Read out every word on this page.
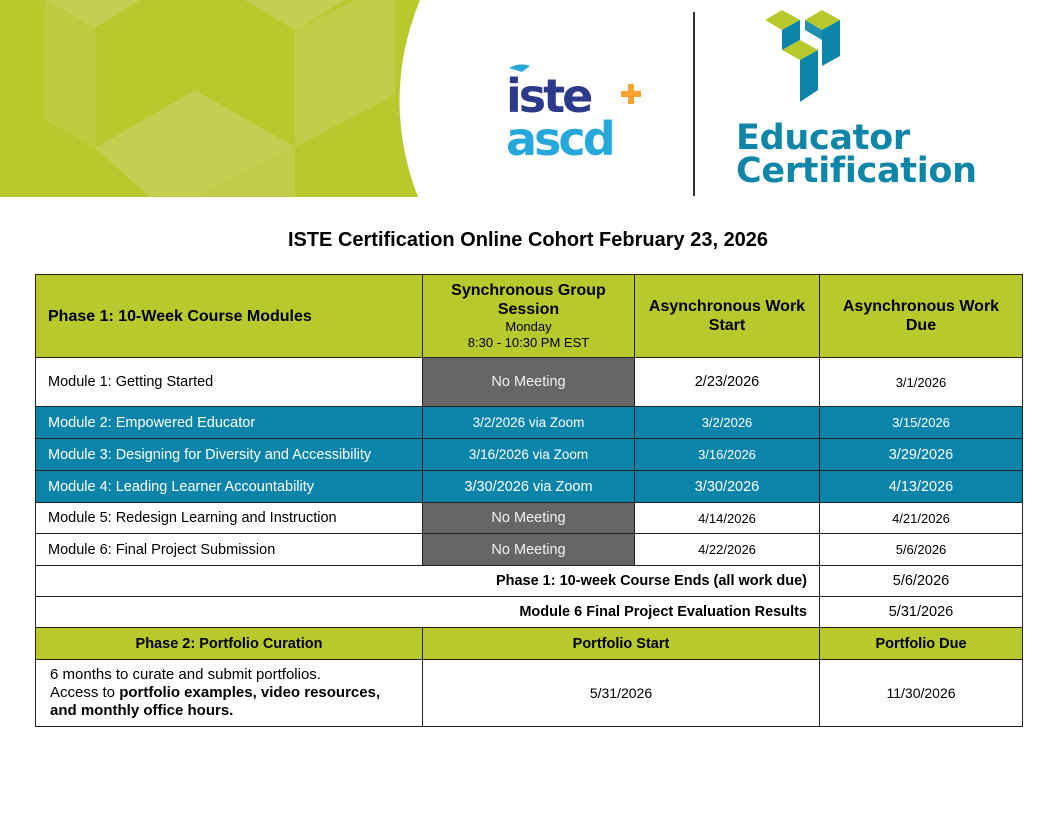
iste
ascd	Educator
Certification
ISTE Certification Online Cohort February 23, 2026
Phase 1: 10-Week Course Modules	Synchronous Group Session
Monday
8:30 - 10:30 PM EST	Asynchronous Work Start	Asynchronous Work Due
Module 1: Getting Started	No Meeting	2/23/2026	3/1/2026
Module 2: Empowered Educator	3/2/2026 via Zoom	3/2/2026	3/15/2026
Module 3: Designing for Diversity and Accessibility	3/16/2026 via Zoom	3/16/2026	3/29/2026
Module 4: Leading Learner Accountability	3/30/2026 via Zoom	3/30/2026	4/13/2026
Module 5: Redesign Learning and Instruction	No Meeting	4/14/2026	4/21/2026
Module 6: Final Project Submission	No Meeting	4/22/2026	5/6/2026
Phase 1: 10-week Course Ends (all work due)			5/6/2026
Module 6 Final Project Evaluation Results			5/31/2026
Phase 2: Portfolio Curation	Portfolio Start		Portfolio Due
6 months to curate and submit portfolios.
Access to portfolio examples, video resources, and monthly office hours.	5/31/2026		11/30/2026
